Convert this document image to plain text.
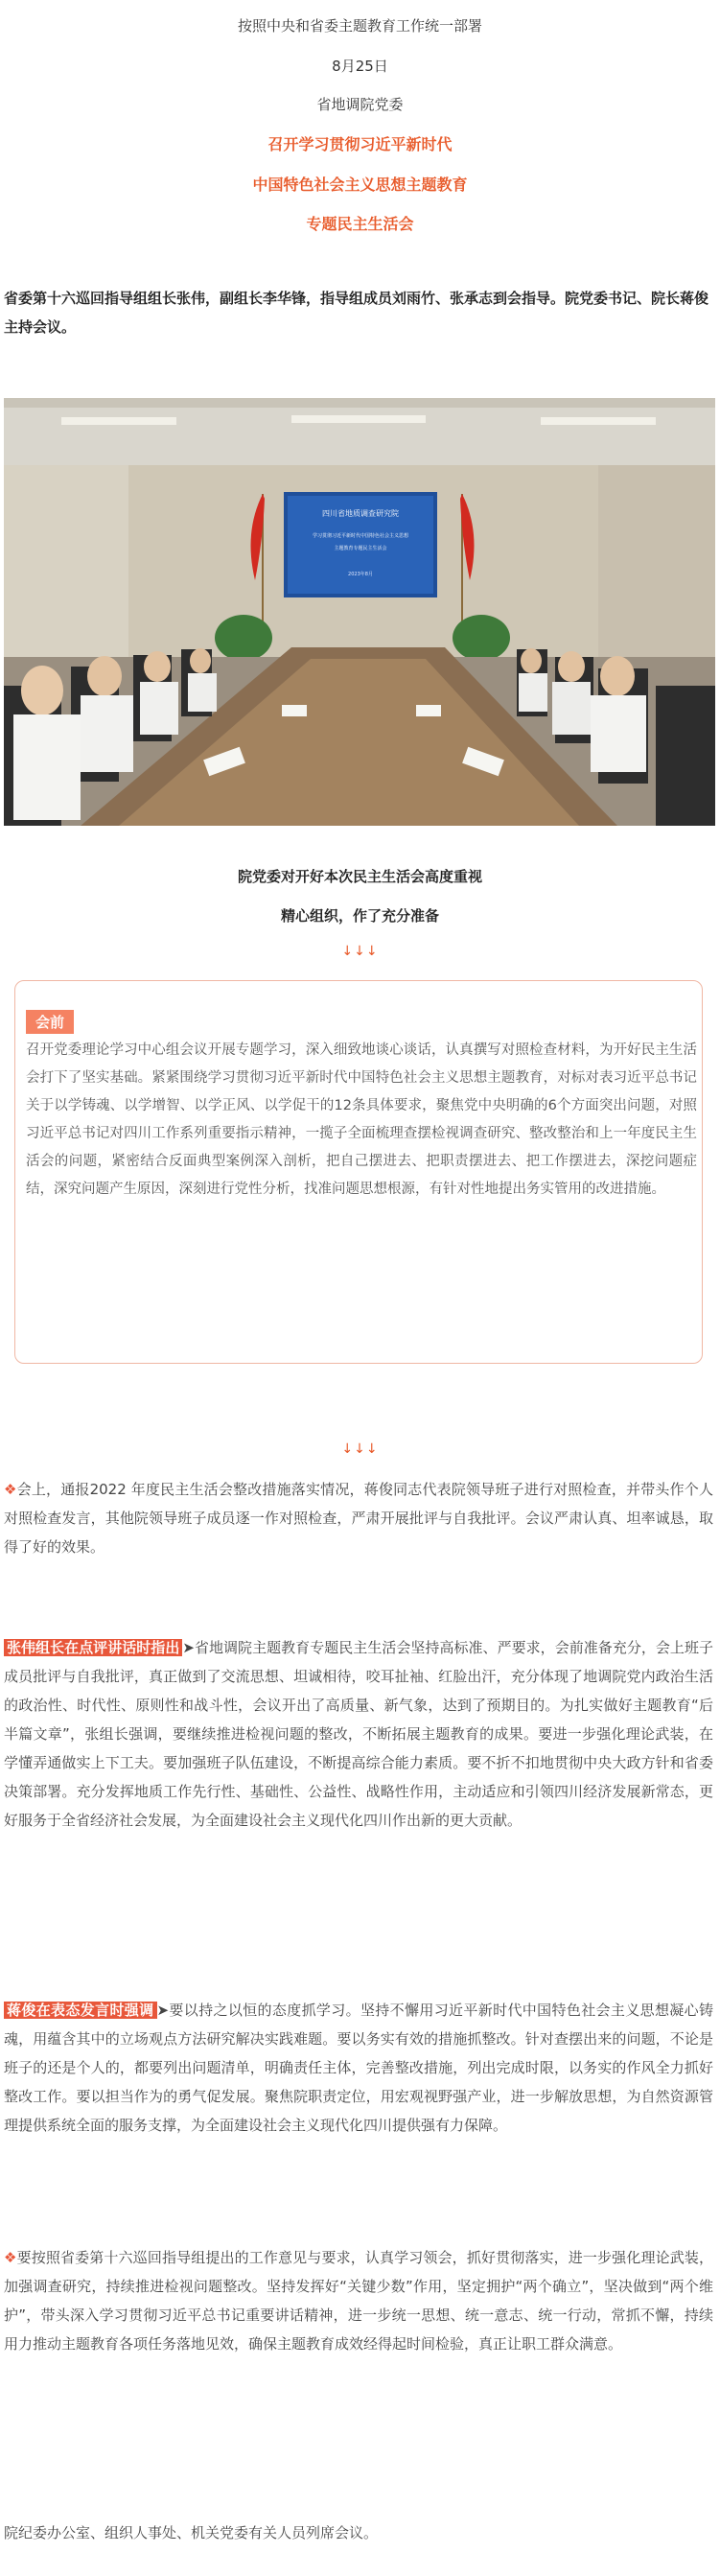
按照中央和省委主题教育工作统一部署
8月25日
省地调院党委
召开学习贯彻习近平新时代
中国特色社会主义思想主题教育
专题民主生活会
省委第十六巡回指导组组长张伟，副组长李华锋，指导组成员刘雨竹、张承志到会指导。院党委书记、院长蒋俊主持会议。
四川省地质调查研究院
学习贯彻习近平新时代中国特色社会主义思想
主题教育专题民主生活会
2023年8月
院党委对开好本次民主生活会高度重视
精心组织，作了充分准备
↓↓↓
会前
召开党委理论学习中心组会议开展专题学习，深入细致地谈心谈话，认真撰写对照检查材料，为开好民主生活会打下了坚实基础。紧紧围绕学习贯彻习近平新时代中国特色社会主义思想主题教育，对标对表习近平总书记关于以学铸魂、以学增智、以学正风、以学促干的12条具体要求，聚焦党中央明确的6个方面突出问题，对照习近平总书记对四川工作系列重要指示精神，一揽子全面梳理查摆检视调查研究、整改整治和上一年度民主生活会的问题，紧密结合反面典型案例深入剖析，把自己摆进去、把职责摆进去、把工作摆进去，深挖问题症结，深究问题产生原因，深刻进行党性分析，找准问题思想根源，有针对性地提出务实管用的改进措施。
↓↓↓
❖会上，通报2022 年度民主生活会整改措施落实情况，蒋俊同志代表院领导班子进行对照检查，并带头作个人对照检查发言，其他院领导班子成员逐一作对照检查，严肃开展批评与自我批评。会议严肃认真、坦率诚恳，取得了好的效果。
张伟组长在点评讲话时指出 ➤省地调院主题教育专题民主生活会坚持高标准、严要求，会前准备充分，会上班子成员批评与自我批评，真正做到了交流思想、坦诚相待，咬耳扯袖、红脸出汗，充分体现了地调院党内政治生活的政治性、时代性、原则性和战斗性，会议开出了高质量、新气象，达到了预期目的。为扎实做好主题教育“后半篇文章”，张组长强调，要继续推进检视问题的整改，不断拓展主题教育的成果。要进一步强化理论武装，在学懂弄通做实上下工夫。要加强班子队伍建设，不断提高综合能力素质。要不折不扣地贯彻中央大政方针和省委决策部署。充分发挥地质工作先行性、基础性、公益性、战略性作用，主动适应和引领四川经济发展新常态，更好服务于全省经济社会发展，为全面建设社会主义现代化四川作出新的更大贡献。
蒋俊在表态发言时强调 ➤要以持之以恒的态度抓学习。坚持不懈用习近平新时代中国特色社会主义思想凝心铸魂，用蕴含其中的立场观点方法研究解决实践难题。要以务实有效的措施抓整改。针对查摆出来的问题，不论是班子的还是个人的，都要列出问题清单，明确责任主体，完善整改措施，列出完成时限，以务实的作风全力抓好整改工作。要以担当作为的勇气促发展。聚焦院职责定位，用宏观视野强产业，进一步解放思想，为自然资源管理提供系统全面的服务支撑，为全面建设社会主义现代化四川提供强有力保障。
❖要按照省委第十六巡回指导组提出的工作意见与要求，认真学习领会，抓好贯彻落实，进一步强化理论武装，加强调查研究，持续推进检视问题整改。坚持发挥好“关键少数”作用，坚定拥护“两个确立”，坚决做到“两个维护”，带头深入学习贯彻习近平总书记重要讲话精神，进一步统一思想、统一意志、统一行动，常抓不懈，持续用力推动主题教育各项任务落地见效，确保主题教育成效经得起时间检验，真正让职工群众满意。
院纪委办公室、组织人事处、机关党委有关人员列席会议。
